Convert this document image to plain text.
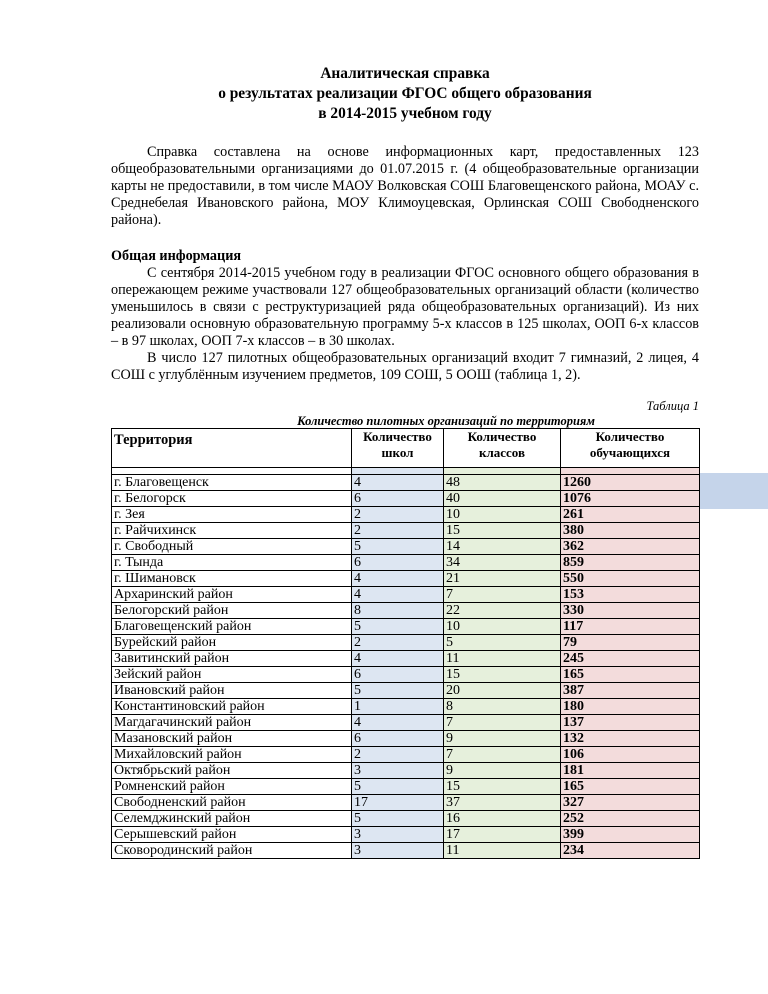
Аналитическая справка
о результатах реализации ФГОС общего образования
в 2014-2015 учебном году

Справка составлена на основе информационных карт, предоставленных 123 общеобразовательными организациями до 01.07.2015 г. (4 общеобразовательные организации карты не предоставили, в том числе МАОУ Волковская СОШ Благовещенского района, МОАУ с. Среднебелая Ивановского района, МОУ Климоуцевская, Орлинская СОШ Свободненского района).

Общая информация

С сентября 2014-2015 учебном году в реализации ФГОС основного общего образования в опережающем режиме участвовали 127 общеобразовательных организаций области (количество уменьшилось в связи с реструктуризацией ряда общеобразовательных организаций). Из них реализовали основную образовательную программу 5-х классов в 125 школах, ООП 6-х классов – в 97 школах, ООП 7-х классов – в 30 школах.

В число 127 пилотных общеобразовательных организаций входит 7 гимназий, 2 лицея, 4 СОШ с углублённым изучением предметов, 109 СОШ, 5 ООШ (таблица 1, 2).

Таблица 1
Количество пилотных организаций по территориям
Территория	Количество школ	Количество классов	Количество обучающихся

г. Благовещенск	4	48	1260
г. Белогорск	6	40	1076
г. Зея	2	10	261
г. Райчихинск	2	15	380
г. Свободный	5	14	362
г. Тында	6	34	859
г. Шимановск	4	21	550
Архаринский район	4	7	153
Белогорский район	8	22	330
Благовещенский район	5	10	117
Бурейский район	2	5	79
Завитинский район	4	11	245
Зейский район	6	15	165
Ивановский район	5	20	387
Константиновский район	1	8	180
Магдагачинский район	4	7	137
Мазановский район	6	9	132
Михайловский район	2	7	106
Октябрьский район	3	9	181
Ромненский район	5	15	165
Свободненский район	17	37	327
Селемджинский район	5	16	252
Серышевский район	3	17	399
Сковородинский район	3	11	234
